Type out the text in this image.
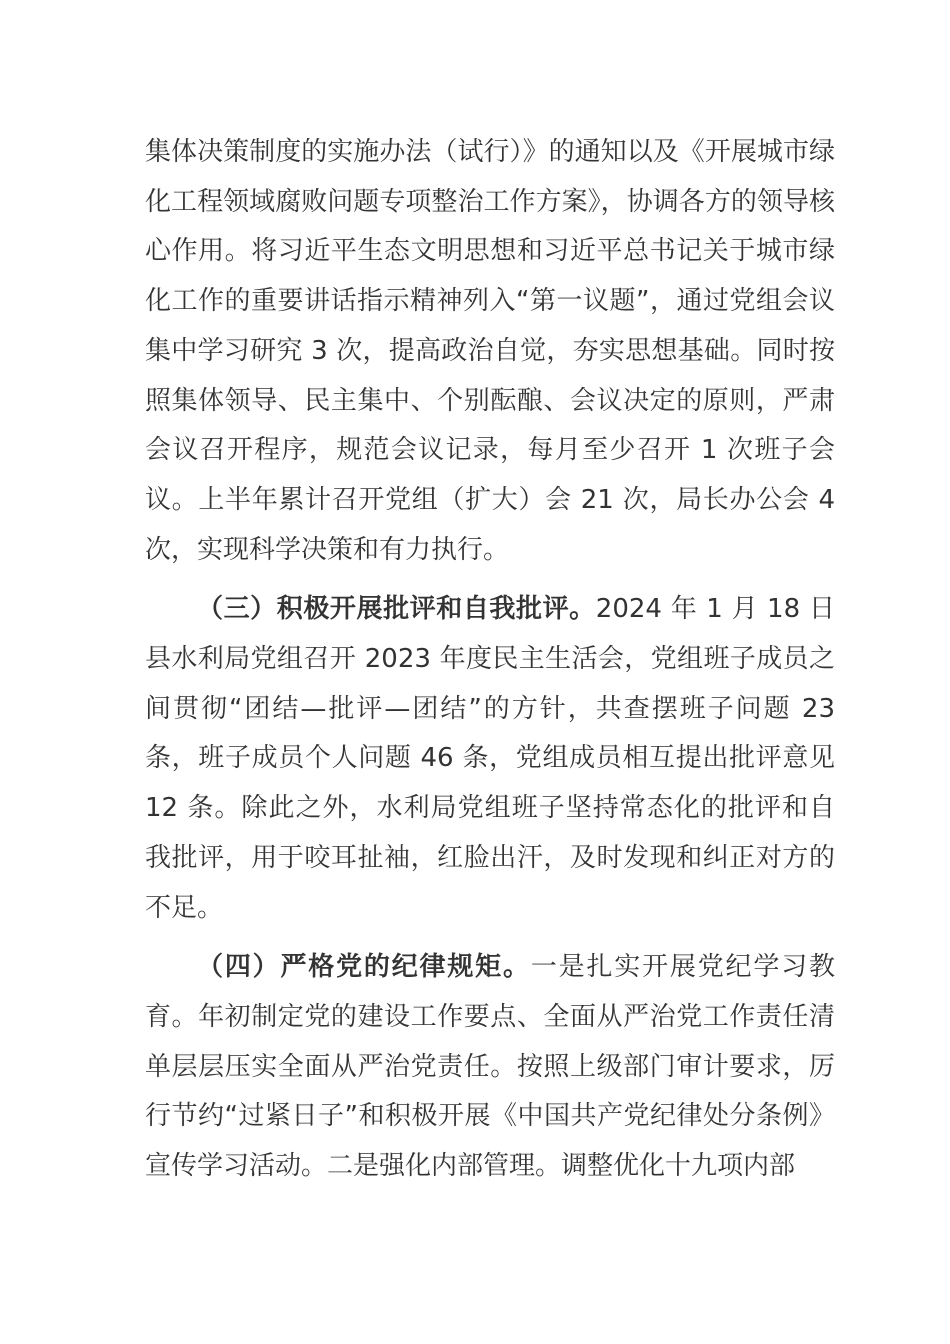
集体决策制度的实施办法（试行）》的通知以及《开展城市绿化工程领域腐败问题专项整治工作方案》，协调各方的领导核心作用。将习近平生态文明思想和习近平总书记关于城市绿化工作的重要讲话指示精神列入“第一议题”，通过党组会议集中学习研究 3 次，提高政治自觉，夯实思想基础。同时按照集体领导、民主集中、个别酝酿、会议决定的原则，严肃会议召开程序，规范会议记录，每月至少召开 1 次班子会议。上半年累计召开党组（扩大）会 21 次，局长办公会 4 次，实现科学决策和有力执行。

（三）积极开展批评和自我批评。2024 年 1 月 18 日县水利局党组召开 2023 年度民主生活会，党组班子成员之间贯彻“团结—批评—团结”的方针，共查摆班子问题 23 条，班子成员个人问题 46 条，党组成员相互提出批评意见 12 条。除此之外，水利局党组班子坚持常态化的批评和自我批评，用于咬耳扯袖，红脸出汗，及时发现和纠正对方的不足。

（四）严格党的纪律规矩。一是扎实开展党纪学习教育。年初制定党的建设工作要点、全面从严治党工作责任清单层层压实全面从严治党责任。按照上级部门审计要求，厉行节约“过紧日子”和积极开展《中国共产党纪律处分条例》宣传学习活动。二是强化内部管理。调整优化十九项内部
